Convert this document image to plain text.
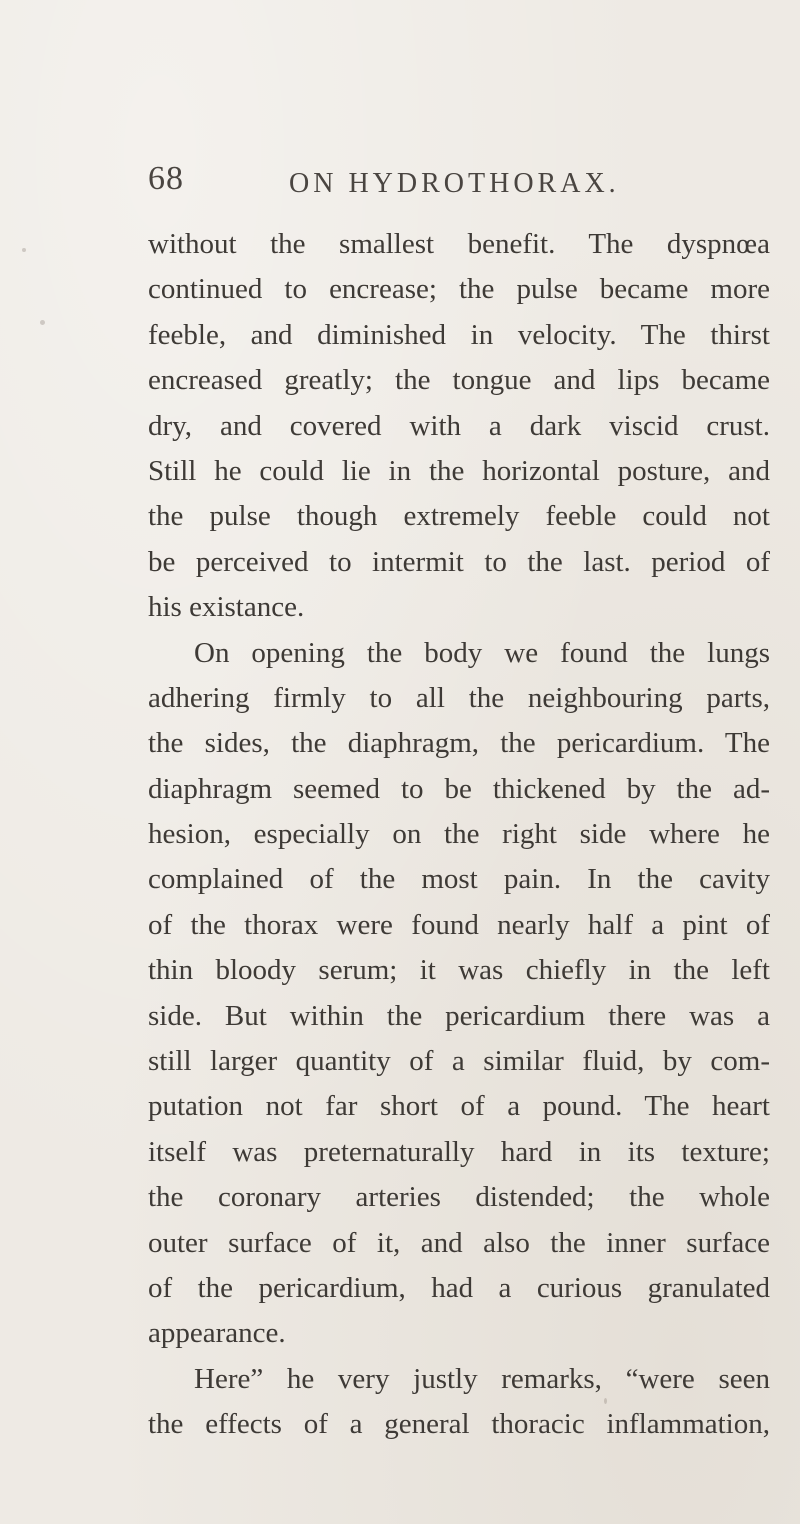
68	ON HYDROTHORAX.
without the smallest benefit. The dyspnœa
continued to encrease; the pulse became more
feeble, and diminished in velocity. The thirst
encreased greatly; the tongue and lips became
dry, and covered with a dark viscid crust.
Still he could lie in the horizontal posture, and
the pulse though extremely feeble could not
be perceived to intermit to the last. period of
his existance.
On opening the body we found the lungs
adhering firmly to all the neighbouring parts,
the sides, the diaphragm, the pericardium. The
diaphragm seemed to be thickened by the ad-
hesion, especially on the right side where he
complained of the most pain. In the cavity
of the thorax were found nearly half a pint of
thin bloody serum; it was chiefly in the left
side. But within the pericardium there was a
still larger quantity of a similar fluid, by com-
putation not far short of a pound. The heart
itself was preternaturally hard in its texture;
the coronary arteries distended; the whole
outer surface of it, and also the inner surface
of the pericardium, had a curious granulated
appearance.
Here” he very justly remarks, “were seen
the effects of a general thoracic inflammation,
